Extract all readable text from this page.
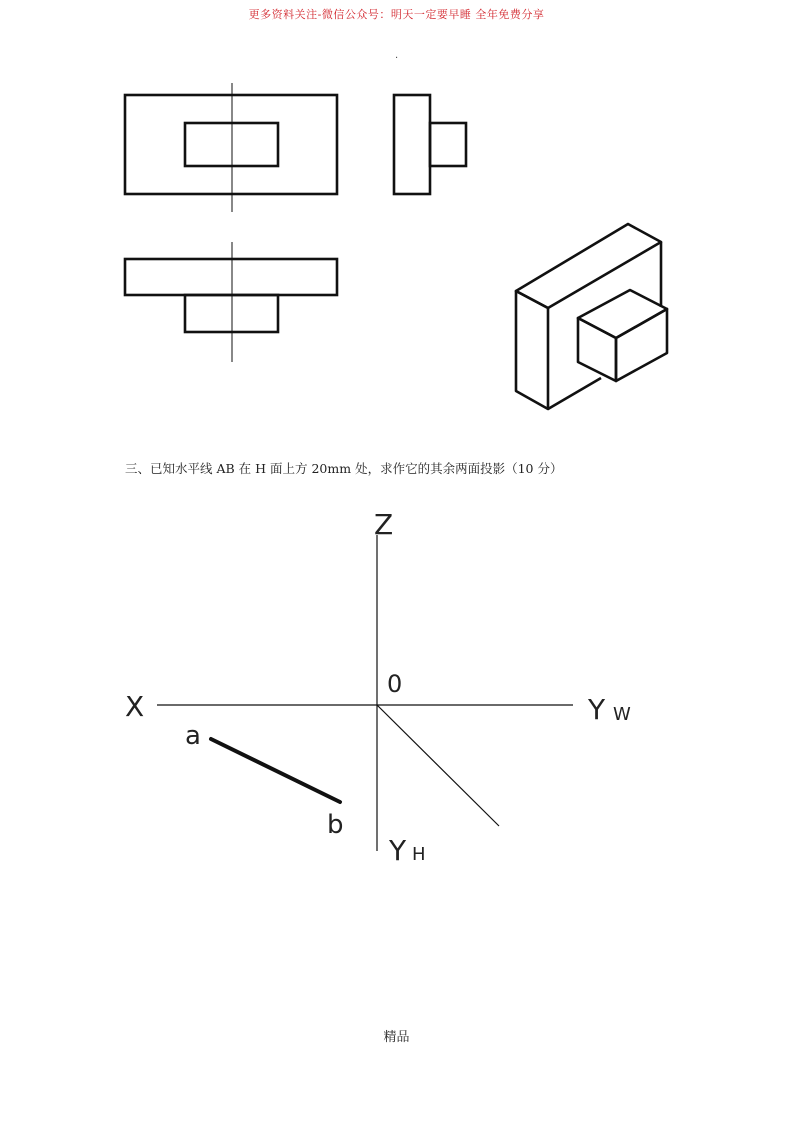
更多资料关注-微信公众号：明天一定要早睡 全年免费分享
.
Z
0
X	Y W
Y H
a
b
三、已知水平线 AB 在 H 面上方 20mm 处，求作它的其余两面投影（10 分）
精品
